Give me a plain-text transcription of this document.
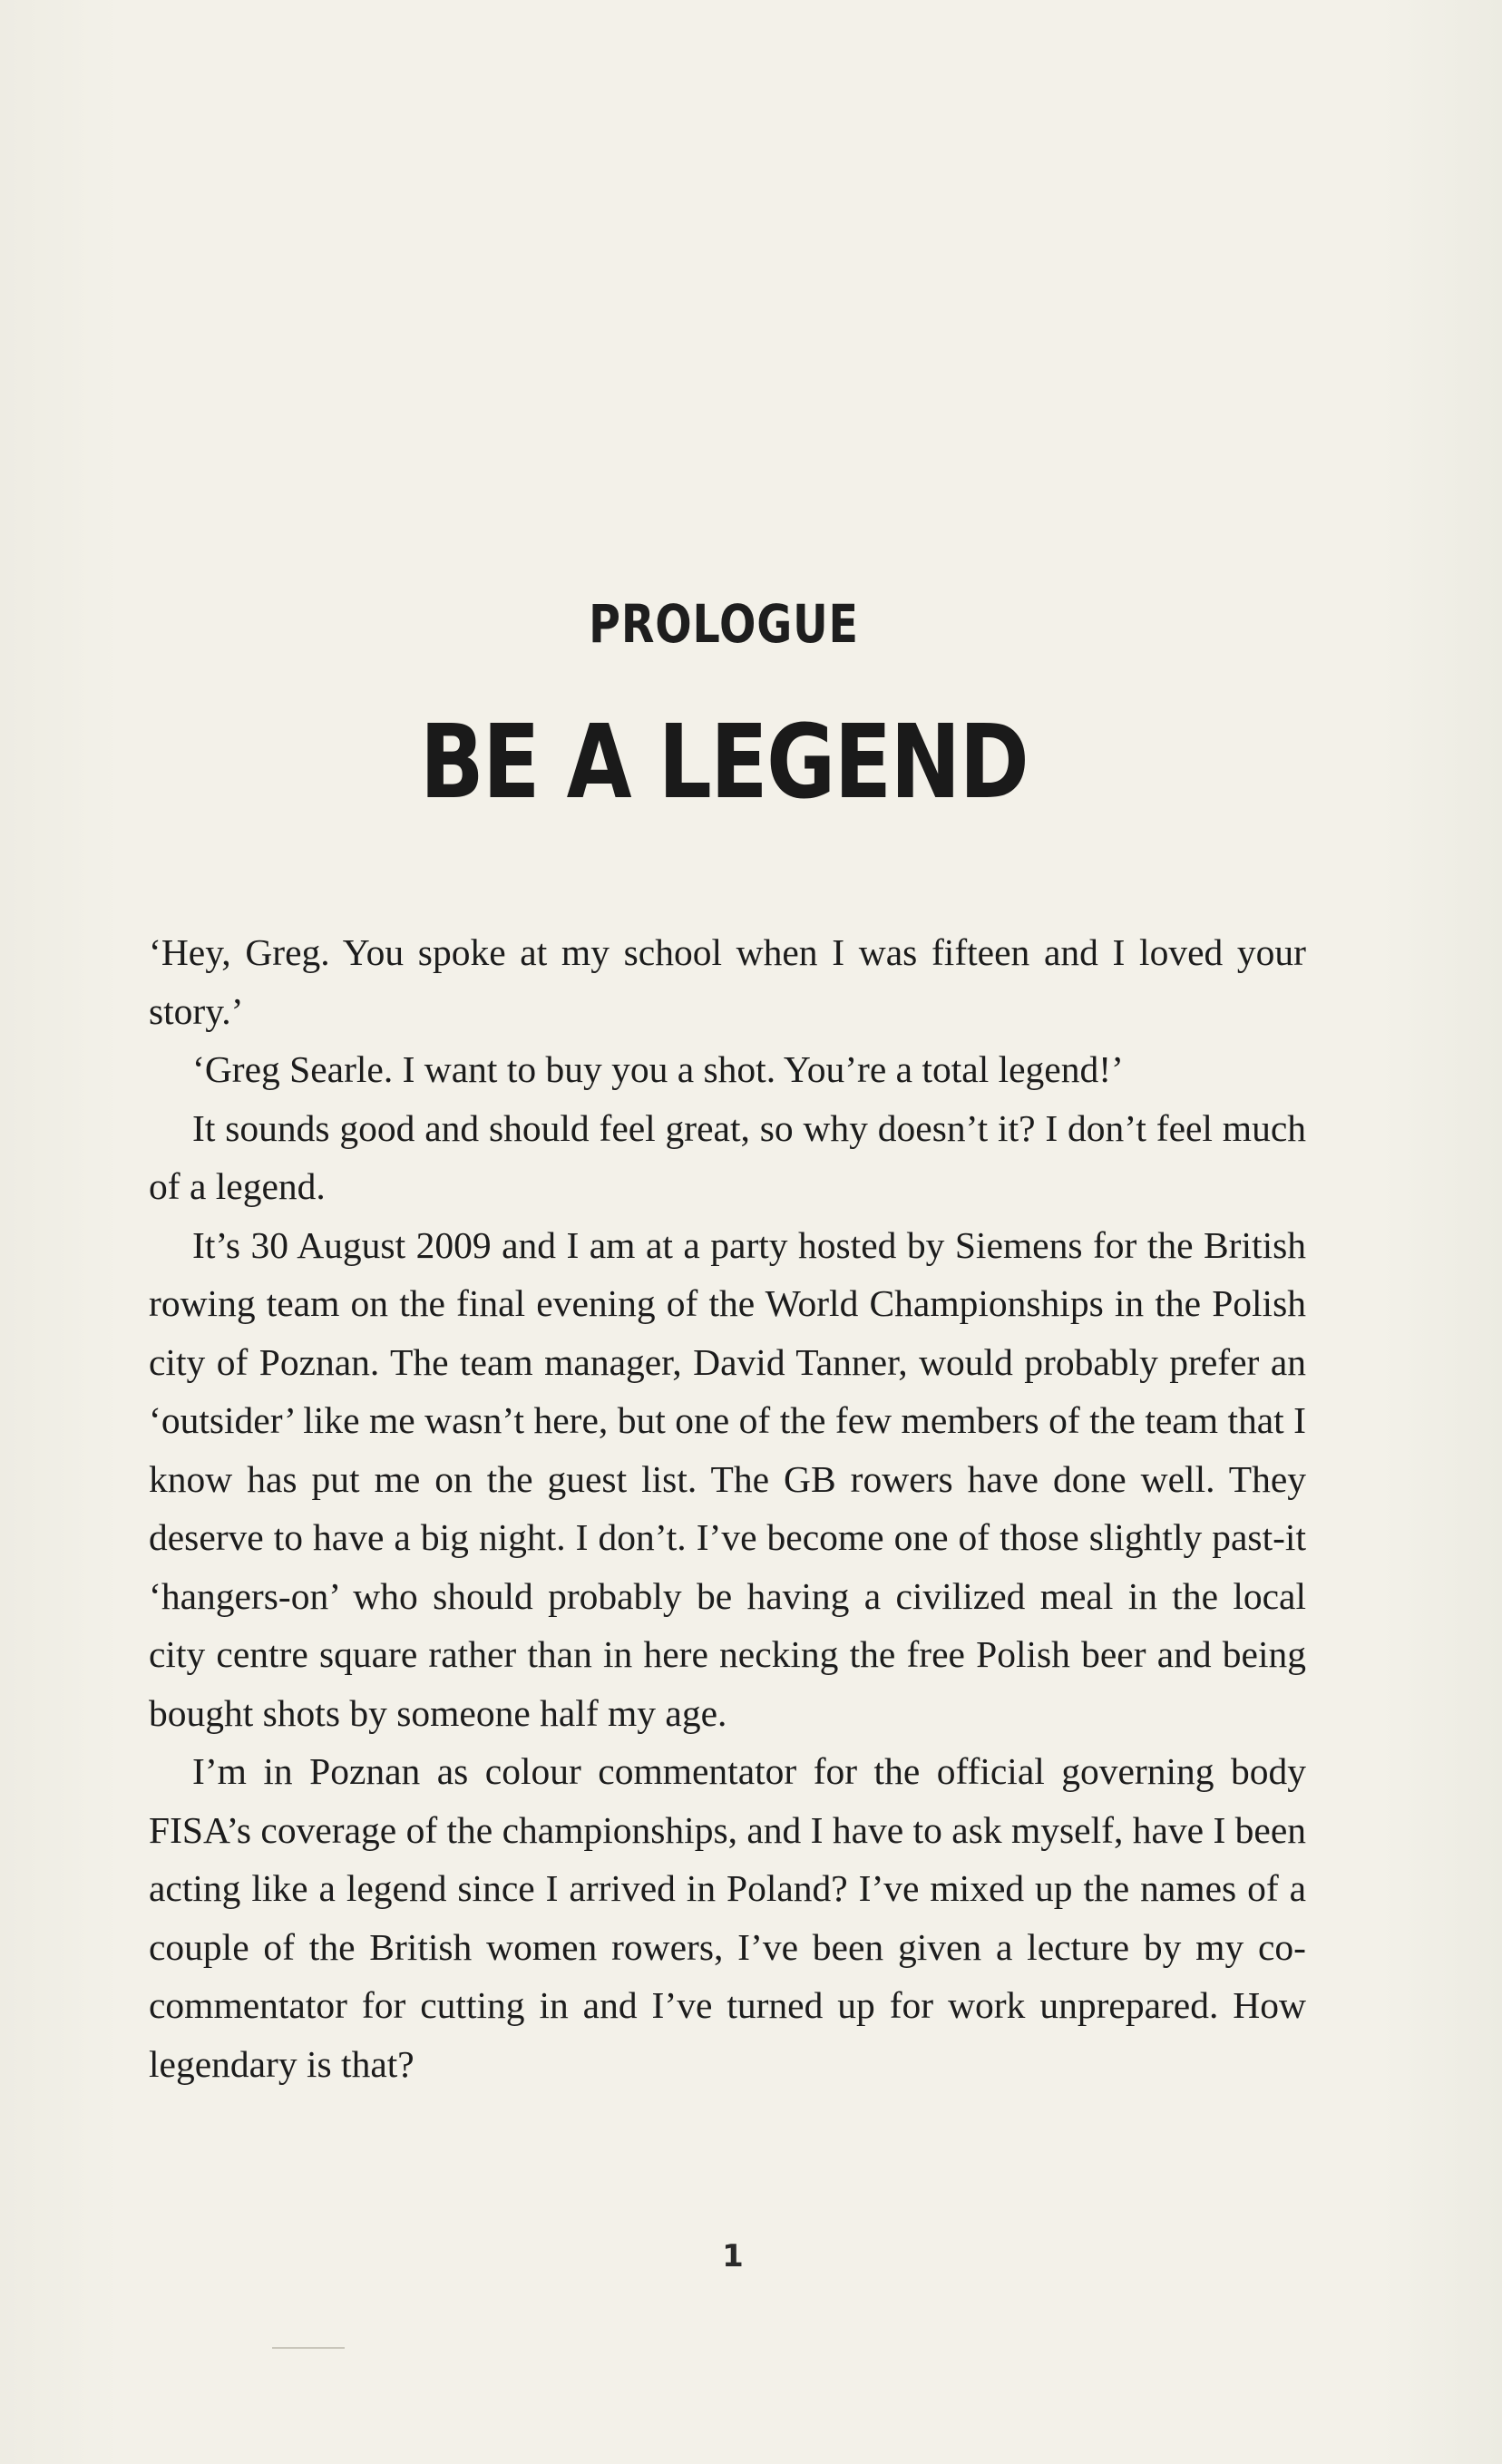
PROLOGUE
BE A LEGEND

‘Hey, Greg. You spoke at my school when I was fifteen and I loved your story.’

‘Greg Searle. I want to buy you a shot. You’re a total legend!’

It sounds good and should feel great, so why doesn’t it? I don’t feel much of a legend.

It’s 30 August 2009 and I am at a party hosted by Siemens for the British rowing team on the final evening of the World Championships in the Polish city of Poznan. The team manager, David Tanner, would probably prefer an ‘outsider’ like me wasn’t here, but one of the few members of the team that I know has put me on the guest list. The GB rowers have done well. They deserve to have a big night. I don’t. I’ve become one of those slightly past-it ‘hangers-on’ who should probably be having a civilized meal in the local city centre square rather than in here necking the free Polish beer and being bought shots by someone half my age.

I’m in Poznan as colour commentator for the official governing body FISA’s coverage of the championships, and I have to ask myself, have I been acting like a legend since I arrived in Poland? I’ve mixed up the names of a couple of the British women rowers, I’ve been given a lecture by my co-commentator for cutting in and I’ve turned up for work unprepared. How legendary is that?

1
